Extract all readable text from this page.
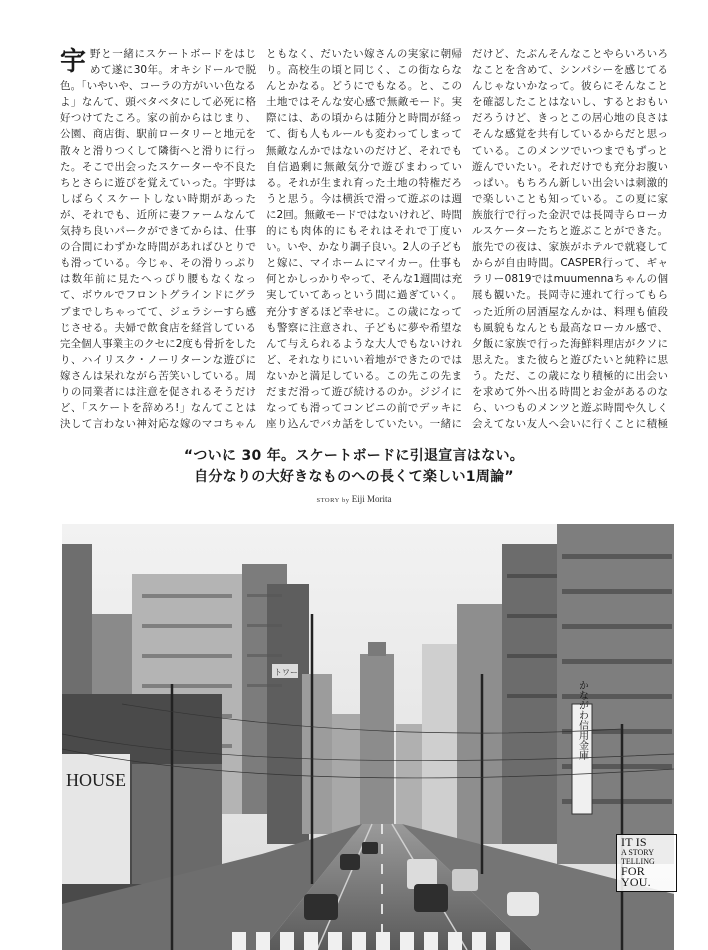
宇野と一緒にスケートボードをはじめて遂に30年。オキシドールで脱色。「いやいや、コーラの方がいい色なるよ」なんて、頭ベタベタにして必死に格好つけてたころ。家の前からはじまり、公園、商店街、駅前ロータリーと地元を散々と滑りつくして隣街へと滑りに行った。そこで出会ったスケーターや不良たちとさらに遊びを覚えていった。宇野はしばらくスケートしない時期があったが、それでも、近所に妻ファームなんて気持ち良いパークができてからは、仕事の合間にわずかな時間があればひとりでも滑っている。今じゃ、その滑りっぷりは数年前に見たへっぴり腰もなくなって、ボウルでフロントグラインドにグラブまでしちゃってて、ジェラシーすら感じさせる。夫婦で飲食店を経営している完全個人事業主のクセに2度も骨折をしたり、ハイリスク・ノーリターンな遊びに嫁さんは呆れながら苦笑いしている。周りの同業者には注意を促されるそうだけど、「スケートを辞めろ!」なんてことは決して言わない神対応な嫁のマコちゃん
ともなく、だいたい嫁さんの実家に朝帰り。高校生の頃と同じく、この街ならなんとかなる。どうにでもなる。と、この土地ではそんな安心感で無敵モード。実際には、あの頃からは随分と時間が経って、街も人もルールも変わってしまって無敵なんかではないのだけど、それでも自信過剰に無敵気分で遊びまわっている。それが生まれ育った土地の特権だろうと思う。今は横浜で滑って遊ぶのは週に2回。無敵モードではないけれど、時間的にも肉体的にもそれはそれで丁度いい。いや、かなり調子良い。2人の子どもと嫁に、マイホームにマイカー。仕事も何とかしっかりやって、そんな1週間は充実していてあっという間に過ぎていく。充分すぎるほど幸せに。この歳になっても警察に注意され、子どもに夢や希望なんて与えられるような大人でもないけれど、それなりにいい着地ができたのではないかと満足している。この先この先まだまだ滑って遊び続けるのか。ジジイになっても滑ってコンビニの前でデッキに座り込んでバカ話をしていたい。一緒に
だけど、たぶんそんなことやらいろいろなことを含めて、シンパシーを感じてるんじゃないかなって。彼らにそんなことを確認したことはないし、するとおもいだろうけど、きっとこの居心地の良さはそんな感覚を共有しているからだと思っている。このメンツでいつまでもずっと遊んでいたい。それだけでも充分お腹いっぱい。もちろん新しい出会いは刺激的で楽しいことも知っている。この夏に家族旅行で行った金沢では長岡寺らローカルスケーターたちと遊ぶことができた。旅先での夜は、家族がホテルで就寝してからが自由時間。CASPER行って、ギャラリー0819ではmuumennaちゃんの個展も観いた。長岡寺に連れて行ってもらった近所の居酒屋なんかは、料理も値段も風貌もなんとも最高なローカル感で、夕飯に家族で行った海鮮料理店がクソに思えた。また彼らと遊びたいと純粋に思う。ただ、この歳になり積極的に出会いを求めて外へ出る時間とお金があるのなら、いつものメンツと遊ぶ時間や久しく会えてない友人へ会いに行くことに積極
“ついに 30 年。スケートボードに引退宣言はない。
自分なりの大好きなものへの長くて楽しい1周論”
STORY by Eiji Morita
HOUSE
トワー
かながわ信用金庫
IT IS
A STORY
TELLING
FOR
YOU.
